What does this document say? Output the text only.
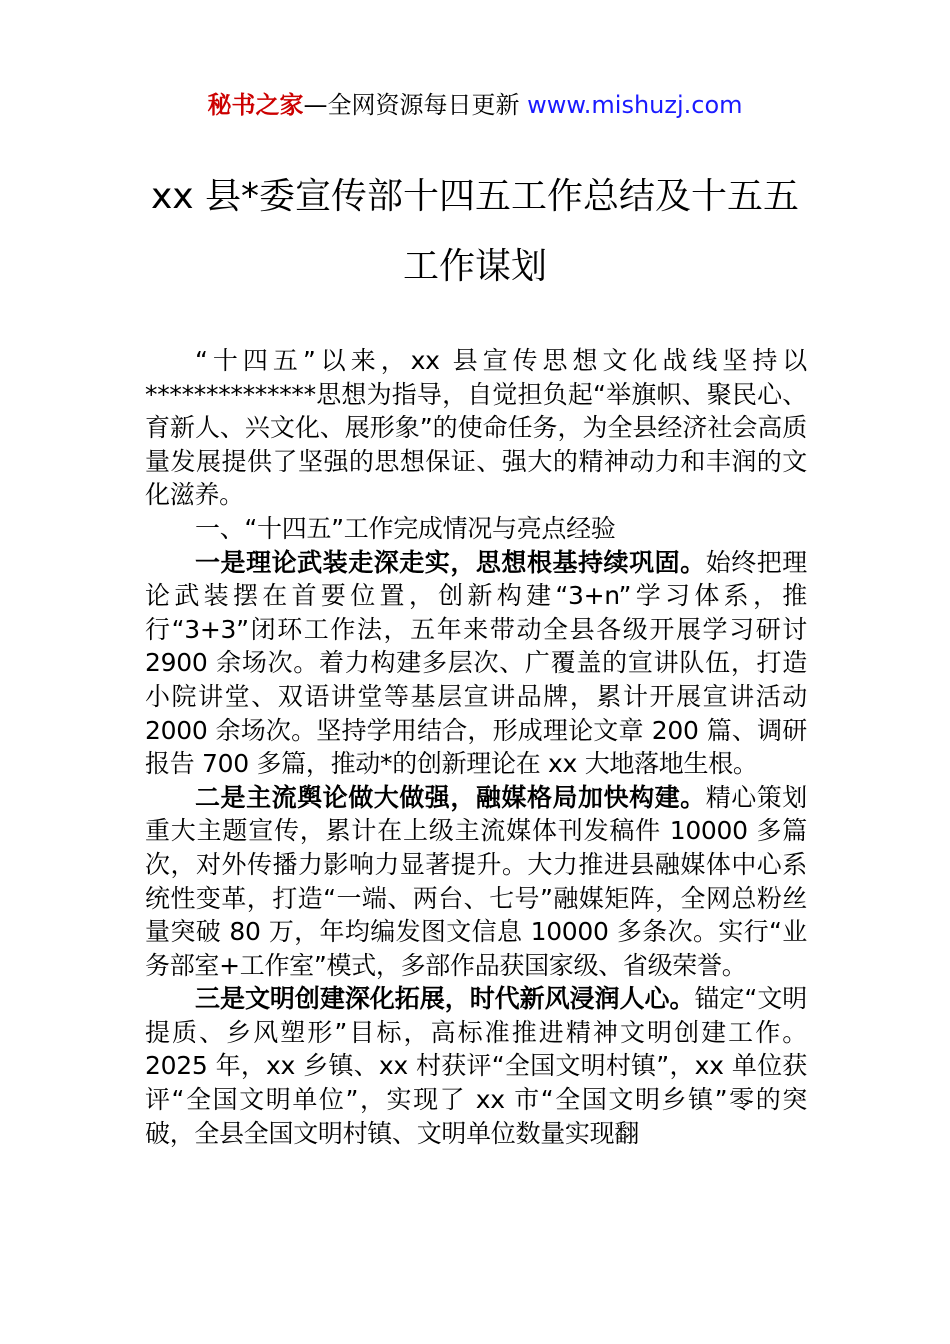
秘书之家—全网资源每日更新 www.mishuzj.com
xx 县*委宣传部十四五工作总结及十五五
工作谋划

“十四五”以来，xx 县宣传思想文化战线坚持以**************思想为指导，自觉担负起“举旗帜、聚民心、育新人、兴文化、展形象”的使命任务，为全县经济社会高质量发展提供了坚强的思想保证、强大的精神动力和丰润的文化滋养。

一、“十四五”工作完成情况与亮点经验

一是理论武装走深走实，思想根基持续巩固。始终把理论武装摆在首要位置，创新构建“3+n”学习体系，推行“3+3”闭环工作法，五年来带动全县各级开展学习研讨 2900 余场次。着力构建多层次、广覆盖的宣讲队伍，打造小院讲堂、双语讲堂等基层宣讲品牌，累计开展宣讲活动 2000 余场次。坚持学用结合，形成理论文章 200 篇、调研报告 700 多篇，推动*的创新理论在 xx 大地落地生根。

二是主流舆论做大做强，融媒格局加快构建。精心策划重大主题宣传，累计在上级主流媒体刊发稿件 10000 多篇次，对外传播力影响力显著提升。大力推进县融媒体中心系统性变革，打造“一端、两台、七号”融媒矩阵，全网总粉丝量突破 80 万，年均编发图文信息 10000 多条次。实行“业务部室+工作室”模式，多部作品获国家级、省级荣誉。

三是文明创建深化拓展，时代新风浸润人心。锚定“文明提质、乡风塑形”目标，高标准推进精神文明创建工作。2025 年，xx 乡镇、xx 村获评“全国文明村镇”，xx 单位获评“全国文明单位”，实现了 xx 市“全国文明乡镇”零的突破，全县全国文明村镇、文明单位数量实现翻
